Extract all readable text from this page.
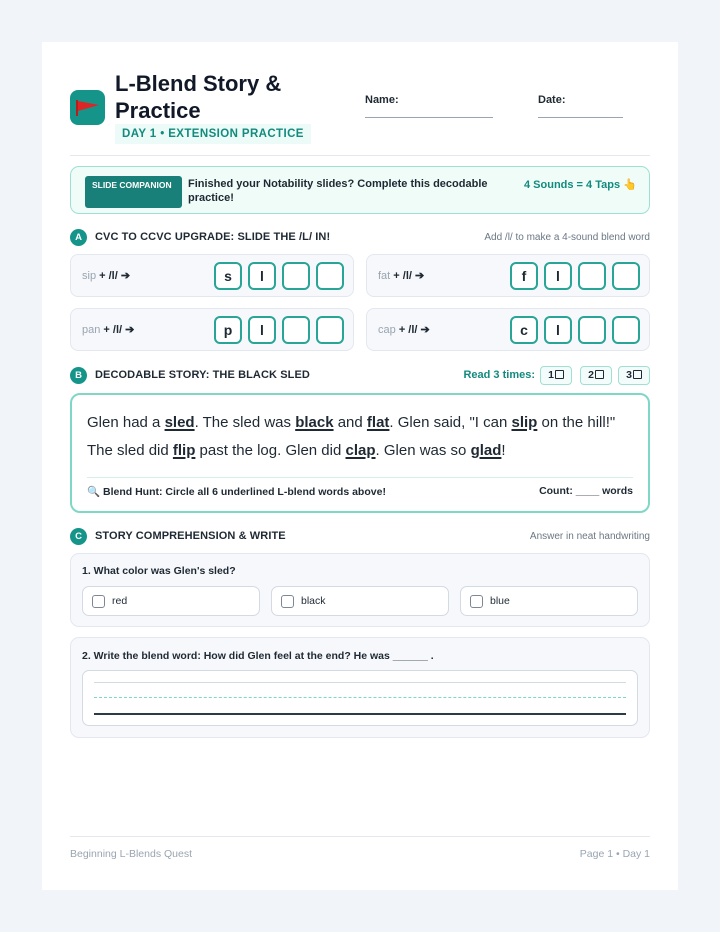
L-Blend Story & Practice
DAY 1 • EXTENSION PRACTICE
Name:	Date:
SLIDE COMPANION	Finished your Notability slides? Complete this decodable practice!
4 Sounds = 4 Taps 👆
A	CVC TO CCVC UPGRADE: SLIDE THE /L/ IN!	Add /l/ to make a 4-sound blend word
sip + /l/ ➔	s	l	fat + /l/ ➔	f	l
pan + /l/ ➔	p	l	cap + /l/ ➔	c	l
B	DECODABLE STORY: THE BLACK SLED	Read 3 times:	1	2	3
Glen had a sled. The sled was black and flat. Glen said, "I can slip on the hill!" The sled did flip past the log. Glen did clap. Glen was so glad!
🔍 Blend Hunt: Circle all 6 underlined L-blend words above!	Count: ____ words
C	STORY COMPREHENSION & WRITE	Answer in neat handwriting
1. What color was Glen's sled?
red	black	blue
2. Write the blend word: How did Glen feel at the end? He was ______ .
Beginning L-Blends Quest	Page 1 • Day 1
